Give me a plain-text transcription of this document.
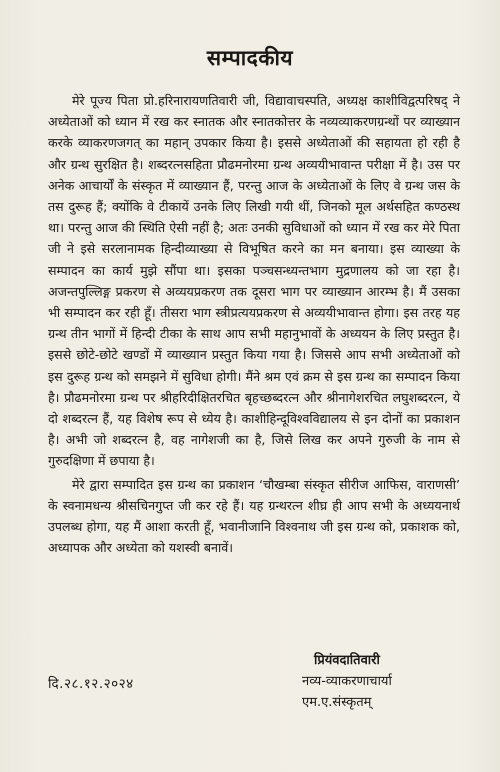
सम्पादकीय

मेरे पूज्य पिता प्रो.हरिनारायणतिवारी जी, विद्यावाचस्पति, अध्यक्ष काशीविद्वत्परिषद् ने अध्येताओं को ध्यान में रख कर स्नातक और स्नातकोत्तर के नव्यव्याकरणग्रन्थों पर व्याख्यान करके व्याकरणजगत् का महान् उपकार किया है। इससे अध्येताओं की सहायता हो रही है और ग्रन्थ सुरक्षित है। शब्दरत्नसहिता प्रौढमनोरमा ग्रन्थ अव्ययीभावान्त परीक्षा में है। उस पर अनेक आचार्यों के संस्कृत में व्याख्यान हैं, परन्तु आज के अध्येताओं के लिए वे ग्रन्थ जस के तस दुरूह हैं; क्योंकि वे टीकायें उनके लिए लिखी गयी थीं, जिनको मूल अर्थसहित कण्ठस्थ था। परन्तु आज की स्थिति ऐसी नहीं है; अतः उनकी सुविधाओं को ध्यान में रख कर मेरे पिता जी ने इसे सरलानामक हिन्दीव्याख्या से विभूषित करने का मन बनाया। इस व्याख्या के सम्पादन का कार्य मुझे सौंपा था। इसका पञ्चसन्ध्यन्तभाग मुद्रणालय को जा रहा है। अजन्तपुल्लिङ्ग प्रकरण से अव्ययप्रकरण तक दूसरा भाग पर व्याख्यान आरम्भ है। मैं उसका भी सम्पादन कर रही हूँ। तीसरा भाग स्त्रीप्रत्ययप्रकरण से अव्ययीभावान्त होगा। इस तरह यह ग्रन्थ तीन भागों में हिन्दी टीका के साथ आप सभी महानुभावों के अध्ययन के लिए प्रस्तुत है। इससे छोटे-छोटे खण्डों में व्याख्यान प्रस्तुत किया गया है। जिससे आप सभी अध्येताओं को इस दुरूह ग्रन्थ को समझने में सुविधा होगी। मैंने श्रम एवं क्रम से इस ग्रन्थ का सम्पादन किया है। प्रौढमनोरमा ग्रन्थ पर श्रीहरिदीक्षितरचित बृहच्छब्दरत्न और श्रीनागेशरचित लघुशब्दरत्न, ये दो शब्दरत्न हैं, यह विशेष रूप से ध्येय है। काशीहिन्दूविश्वविद्यालय से इन दोनों का प्रकाशन है। अभी जो शब्दरत्न है, वह नागेशजी का है, जिसे लिख कर अपने गुरुजी के नाम से गुरुदक्षिणा में छपाया है।

मेरे द्वारा सम्पादित इस ग्रन्थ का प्रकाशन ‘चौखम्बा संस्कृत सीरीज आफिस, वाराणसी’ के स्वनामधन्य श्रीसचिनगुप्त जी कर रहे हैं। यह ग्रन्थरत्न शीघ्र ही आप सभी के अध्ययनार्थ उपलब्ध होगा, यह मैं आशा करती हूँ, भवानीजानि विश्वनाथ जी इस ग्रन्थ को, प्रकाशक को, अध्यापक और अध्येता को यशस्वी बनावें।

प्रियंवदातिवारी
नव्य-व्याकरणाचार्या
एम.ए.संस्कृतम्
दि.२८.१२.२०२४
